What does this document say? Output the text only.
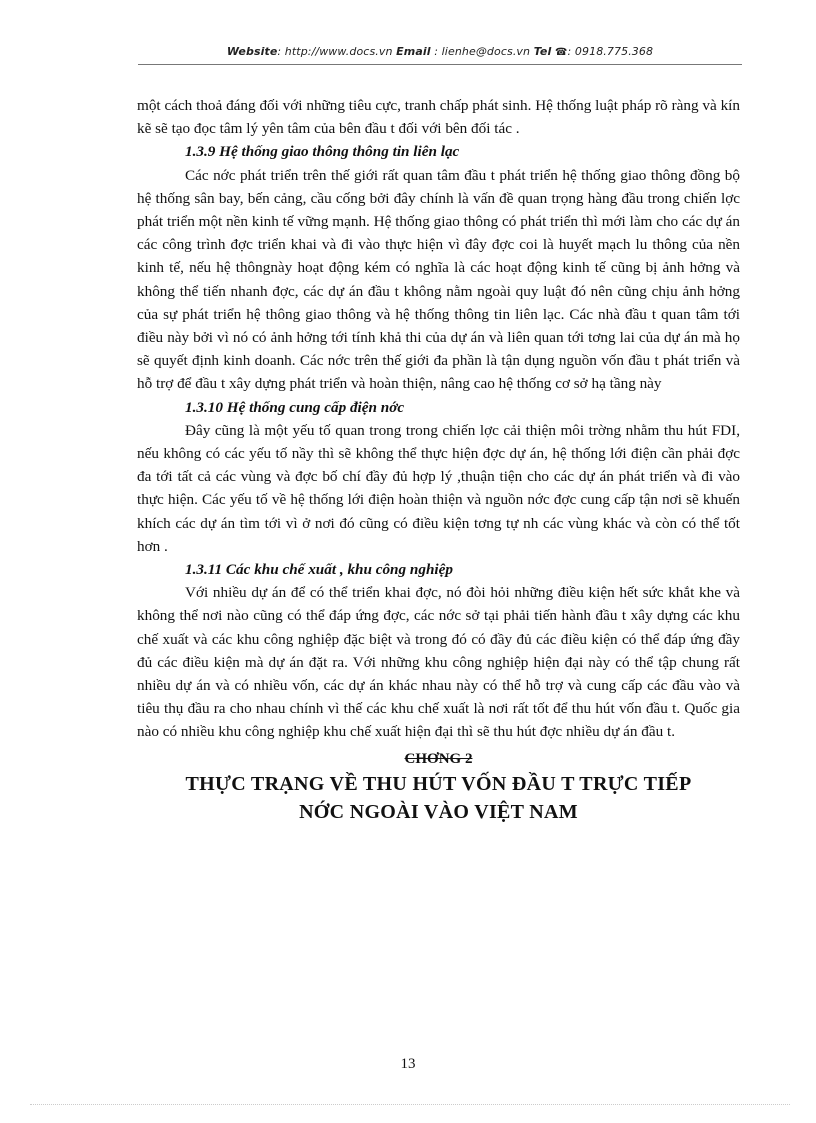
Website: http://www.docs.vn Email : lienhe@docs.vn Tel ☎: 0918.775.368

một cách thoả đáng đối với những tiêu cực, tranh chấp phát sinh. Hệ thống luật pháp rõ ràng và kín kẽ sẽ tạo đọc tâm lý yên tâm của bên đầu t đối với bên đối tác .

1.3.9 Hệ thống giao thông thông tin liên lạc

Các nớc phát triển trên thế giới rất quan tâm đầu t phát triển hệ thống giao thông đồng bộ hệ thống sân bay, bến cảng, cầu cống bởi đây chính là vấn đề quan trọng hàng đầu trong chiến lợc phát triển một nền kinh tế vững mạnh. Hệ thống giao thông có phát triển thì mới làm cho các dự án các công trình đợc triển khai và đi vào thực hiện vì đây đợc coi là huyết mạch lu thông của nền kinh tế, nếu hệ thôngnày hoạt động kém có nghĩa là các hoạt động kinh tế cũng bị ảnh hởng và không thể tiến nhanh đợc, các dự án đầu t không nằm ngoài quy luật đó nên cũng chịu ảnh hởng của sự phát triển hệ thông giao thông và hệ thống thông tin liên lạc. Các nhà đầu t quan tâm tới điều này bởi vì nó có ảnh hởng tới tính khả thi của dự án và liên quan tới tơng lai của dự án mà họ sẽ quyết định kinh doanh. Các nớc trên thế giới đa phần là tận dụng nguồn vốn đầu t phát triển và hỗ trợ để đầu t xây dựng phát triển và hoàn thiện, nâng cao hệ thống cơ sở hạ tầng này

1.3.10 Hệ thống cung cấp điện nớc

Đây cũng là một yếu tố quan trong trong chiến lợc cải thiện môi trờng nhằm thu hút FDI, nếu không có các yếu tố nầy thì sẽ không thể thực hiện đợc dự án, hệ thống lới điện cần phải đợc đa tới tất cả các vùng và đợc bố chí đầy đủ hợp lý ,thuận tiện cho các dự án phát triển và đi vào thực hiện. Các yếu tố về hệ thống lới điện hoàn thiện và nguồn nớc đợc cung cấp tận nơi sẽ khuến khích các dự án tìm tới vì ở nơi đó cũng có điều kiện tơng tự nh các vùng khác và còn có thể tốt hơn .

1.3.11 Các khu chế xuất , khu công nghiệp

Với nhiều dự án để có thể triển khai đợc, nó đòi hỏi những điều kiện hết sức khắt khe và không thể nơi nào cũng có thể đáp ứng đợc, các nớc sở tại phải tiến hành đầu t xây dựng các khu chế xuất và các khu công nghiệp đặc biệt và trong đó có đầy đủ các điều kiện có thể đáp ứng đầy đủ các điều kiện mà dự án đặt ra. Với những khu công nghiệp hiện đại này có thể tập chung rất nhiều dự án và có nhiều vốn, các dự án khác nhau này có thể hỗ trợ và cung cấp các đầu vào và tiêu thụ đầu ra cho nhau chính vì thế các khu chế xuất là nơi rất tốt để thu hút vốn đầu t. Quốc gia nào có nhiều khu công nghiệp khu chế xuất hiện đại thì sẽ thu hút đợc nhiều dự án đầu t.

CHƠNG 2

THỰC TRẠNG VỀ THU HÚT VỐN ĐẦU T TRỰC TIẾP

NỚC NGOÀI VÀO VIỆT NAM

13
